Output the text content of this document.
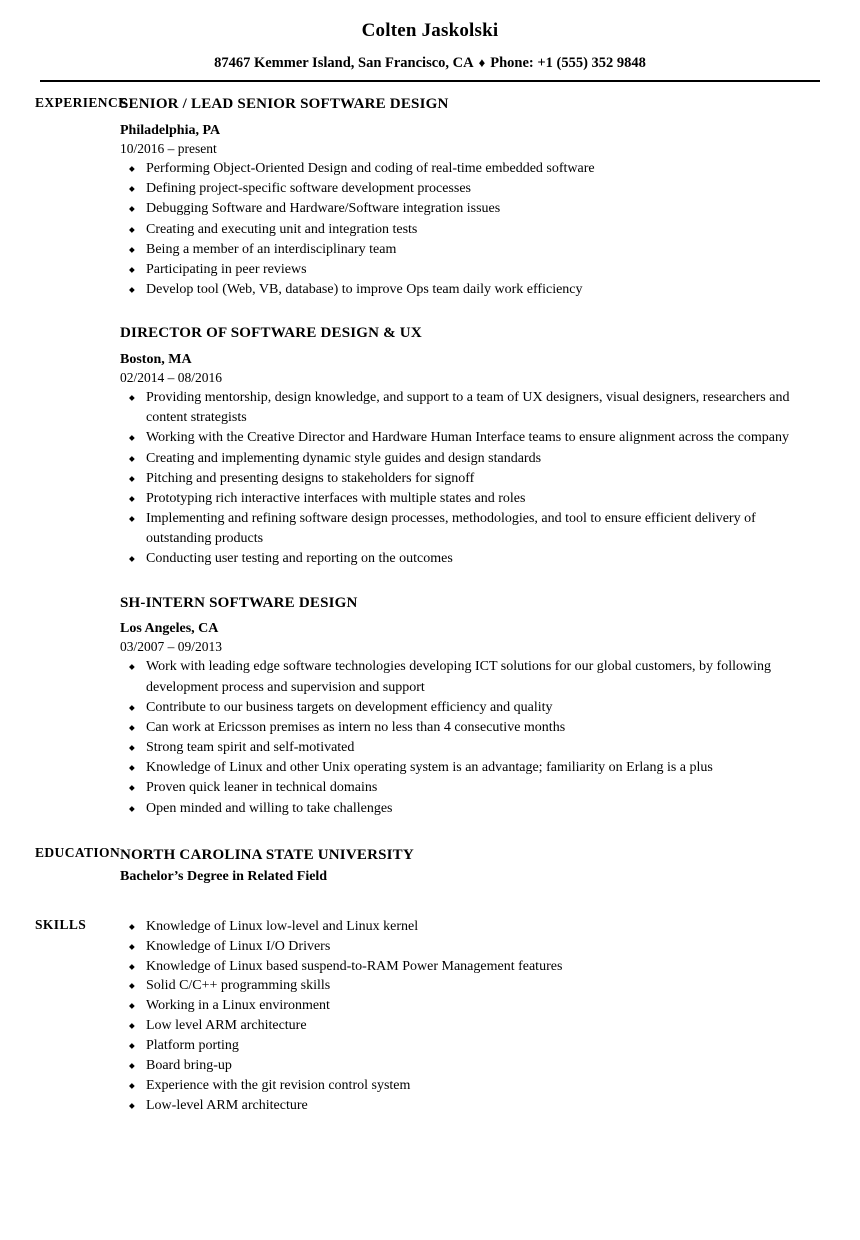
Colten Jaskolski
87467 Kemmer Island, San Francisco, CA ♦ Phone: +1 (555) 352 9848
EXPERIENCE
SENIOR / LEAD SENIOR SOFTWARE DESIGN
Philadelphia, PA
10/2016 – present
◆ Performing Object-Oriented Design and coding of real-time embedded software
◆ Defining project-specific software development processes
◆ Debugging Software and Hardware/Software integration issues
◆ Creating and executing unit and integration tests
◆ Being a member of an interdisciplinary team
◆ Participating in peer reviews
◆ Develop tool (Web, VB, database) to improve Ops team daily work efficiency
DIRECTOR OF SOFTWARE DESIGN & UX
Boston, MA
02/2014 – 08/2016
◆ Providing mentorship, design knowledge, and support to a team of UX designers, visual designers, researchers and content strategists
◆ Working with the Creative Director and Hardware Human Interface teams to ensure alignment across the company
◆ Creating and implementing dynamic style guides and design standards
◆ Pitching and presenting designs to stakeholders for signoff
◆ Prototyping rich interactive interfaces with multiple states and roles
◆ Implementing and refining software design processes, methodologies, and tool to ensure efficient delivery of outstanding products
◆ Conducting user testing and reporting on the outcomes
SH-INTERN SOFTWARE DESIGN
Los Angeles, CA
03/2007 – 09/2013
◆ Work with leading edge software technologies developing ICT solutions for our global customers, by following development process and supervision and support
◆ Contribute to our business targets on development efficiency and quality
◆ Can work at Ericsson premises as intern no less than 4 consecutive months
◆ Strong team spirit and self-motivated
◆ Knowledge of Linux and other Unix operating system is an advantage; familiarity on Erlang is a plus
◆ Proven quick leaner in technical domains
◆ Open minded and willing to take challenges
EDUCATION NORTH CAROLINA STATE UNIVERSITY
Bachelor’s Degree in Related Field
SKILLS	◆ Knowledge of Linux low-level and Linux kernel
◆ Knowledge of Linux I/O Drivers
◆ Knowledge of Linux based suspend-to-RAM Power Management features
◆ Solid C/C++ programming skills
◆ Working in a Linux environment
◆ Low level ARM architecture
◆ Platform porting
◆ Board bring-up
◆ Experience with the git revision control system
◆ Low-level ARM architecture
